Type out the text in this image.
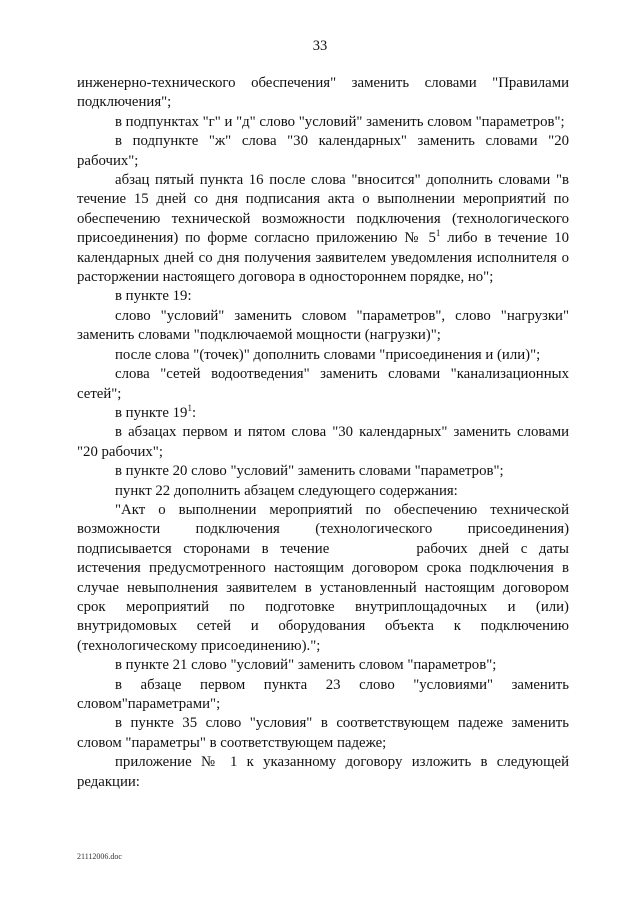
33

инженерно-технического обеспечения" заменить словами "Правилами подключения";

в подпунктах "г" и "д" слово "условий" заменить словом "параметров";

в подпункте "ж" слова "30 календарных" заменить словами "20 рабочих";

абзац пятый пункта 16 после слова "вносится" дополнить словами "в течение 15 дней со дня подписания акта о выполнении мероприятий по обеспечению технической возможности подключения (технологического присоединения) по форме согласно приложению № $5^1$ либо в течение 10 календарных дней со дня получения заявителем уведомления исполнителя о расторжении настоящего договора в одностороннем порядке, но";

в пункте 19:

слово "условий" заменить словом "параметров", слово "нагрузки" заменить словами "подключаемой мощности (нагрузки)";

после слова "(точек)" дополнить словами "присоединения и (или)";

слова "сетей водоотведения" заменить словами "канализационных сетей";

в пункте $19^1$:

в абзацах первом и пятом слова "30 календарных" заменить словами "20 рабочих";

в пункте 20 слово "условий" заменить словами "параметров";

пункт 22 дополнить абзацем следующего содержания:

"Акт о выполнении мероприятий по обеспечению технической возможности подключения (технологического присоединения) подписывается сторонами в течение	рабочих дней с даты истечения предусмотренного настоящим договором срока подключения в случае невыполнения заявителем в установленный настоящим договором срок мероприятий по подготовке внутриплощадочных и (или) внутридомовых сетей и оборудования объекта к подключению (технологическому присоединению).";

в пункте 21 слово "условий" заменить словом "параметров";

в абзаце первом пункта 23 слово "условиями" заменить словом"параметрами";

в пункте 35 слово "условия" в соответствующем падеже заменить словом "параметры" в соответствующем падеже;

приложение № 1 к указанному договору изложить в следующей редакции:

21112006.doc
